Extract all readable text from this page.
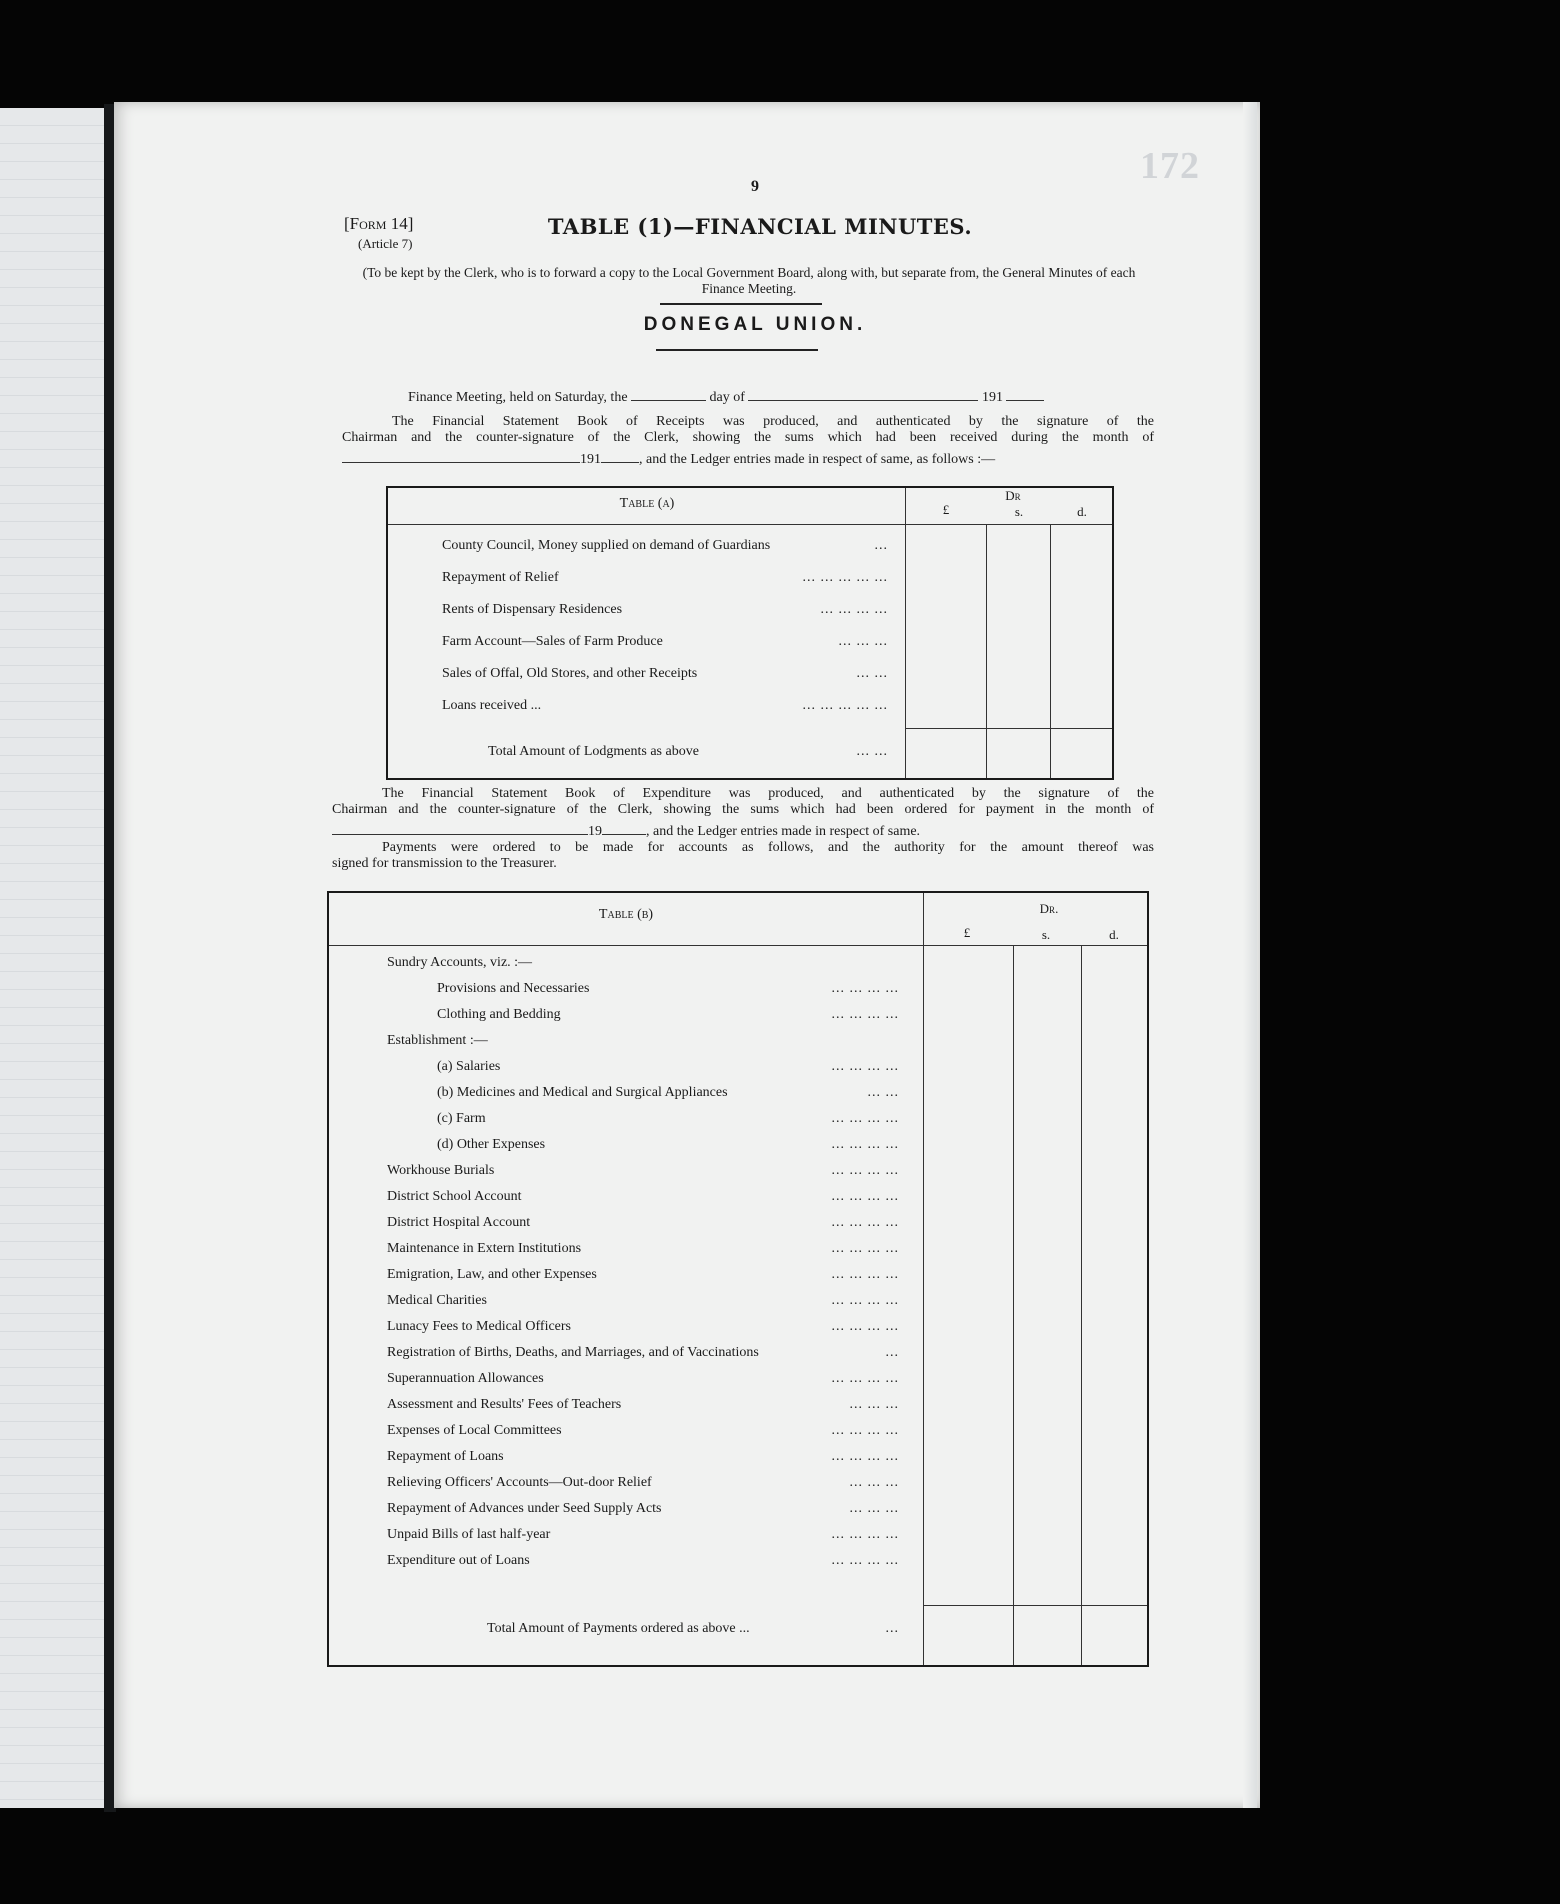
172
9
[Form 14]
(Article 7)
TABLE (1)—FINANCIAL MINUTES.
(To be kept by the Clerk, who is to forward a copy to the Local Government Board, along with, but separate from, the General Minutes of each Finance Meeting.
DONEGAL UNION.
Finance Meeting, held on Saturday, the	day of	191
The Financial Statement Book of Receipts was produced, and authenticated by the signature of the
Chairman and the counter-signature of the Clerk, showing the sums which had been received during the month of
191	, and the Ledger entries made in respect of same, as follows :—
Table (a)
Dr
£	s.	d.
County Council, Money supplied on demand of Guardians	...
Repayment of Relief	... ... ... ... ...
Rents of Dispensary Residences	... ... ... ...
Farm Account—Sales of Farm Produce	... ... ...
Sales of Offal, Old Stores, and other Receipts	... ...
Loans received ...	... ... ... ... ...
Total Amount of Lodgments as above	... ...
The Financial Statement Book of Expenditure was produced, and authenticated by the signature of the
Chairman and the counter-signature of the Clerk, showing the sums which had been ordered for payment in the month of
19	, and the Ledger entries made in respect of same.
Payments were ordered to be made for accounts as follows, and the authority for the amount thereof was
signed for transmission to the Treasurer.
Table (b)	Dr.
£	s.	d.
Sundry Accounts, viz. :—
Provisions and Necessaries	... ... ... ...
Clothing and Bedding	... ... ... ...
Establishment :—
(a) Salaries	... ... ... ...
(b) Medicines and Medical and Surgical Appliances	... ...
(c) Farm	... ... ... ...
(d) Other Expenses	... ... ... ...
Workhouse Burials	... ... ... ...
District School Account	... ... ... ...
District Hospital Account	... ... ... ...
Maintenance in Extern Institutions	... ... ... ...
Emigration, Law, and other Expenses	... ... ... ...
Medical Charities	... ... ... ...
Lunacy Fees to Medical Officers	... ... ... ...
Registration of Births, Deaths, and Marriages, and of Vaccinations	...
Superannuation Allowances	... ... ... ...
Assessment and Results' Fees of Teachers	... ... ...
Expenses of Local Committees	... ... ... ...
Repayment of Loans	... ... ... ...
Relieving Officers' Accounts—Out-door Relief	... ... ...
Repayment of Advances under Seed Supply Acts	... ... ...
Unpaid Bills of last half-year	... ... ... ...
Expenditure out of Loans	... ... ... ...
Total Amount of Payments ordered as above ...	...
